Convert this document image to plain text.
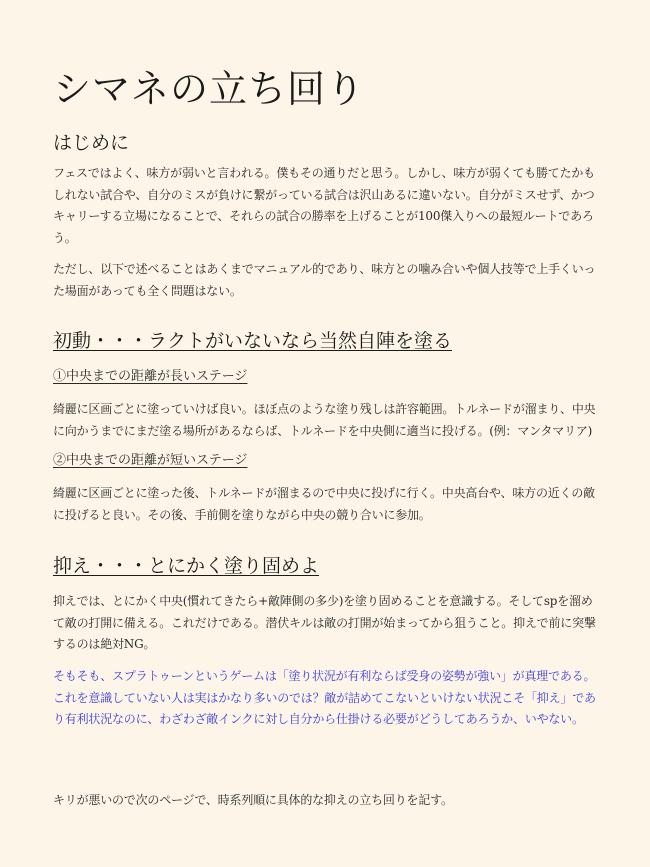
シマネの立ち回り
はじめに

フェスではよく、味方が弱いと言われる。僕もその通りだと思う。しかし、味方が弱くても勝てたかもしれない試合や、自分のミスが負けに繋がっている試合は沢山あるに違いない。自分がミスせず、かつキャリーする立場になることで、それらの試合の勝率を上げることが100傑入りへの最短ルートであろう。

ただし、以下で述べることはあくまでマニュアル的であり、味方との噛み合いや個人技等で上手くいった場面があっても全く問題はない。

初動・・・ラクトがいないなら当然自陣を塗る
①中央までの距離が長いステージ

綺麗に区画ごとに塗っていけば良い。ほぼ点のような塗り残しは許容範囲。トルネードが溜まり、中央に向かうまでにまだ塗る場所があるならば、トルネードを中央側に適当に投げる。(例：マンタマリア)

②中央までの距離が短いステージ

綺麗に区画ごとに塗った後、トルネードが溜まるので中央に投げに行く。中央高台や、味方の近くの敵に投げると良い。その後、手前側を塗りながら中央の競り合いに参加。

抑え・・・とにかく塗り固めよ

抑えでは、とにかく中央(慣れてきたら+敵陣側の多少)を塗り固めることを意識する。そしてspを溜めて敵の打開に備える。これだけである。潜伏キルは敵の打開が始まってから狙うこと。抑えで前に突撃するのは絶対NG。

そもそも、スプラトゥーンというゲームは「塗り状況が有利ならば受身の姿勢が強い」が真理である。これを意識していない人は実はかなり多いのでは？敵が詰めてこないといけない状況こそ「抑え」であり有利状況なのに、わざわざ敵インクに対し自分から仕掛ける必要がどうしてあろうか、いやない。

キリが悪いので次のページで、時系列順に具体的な抑えの立ち回りを記す。
